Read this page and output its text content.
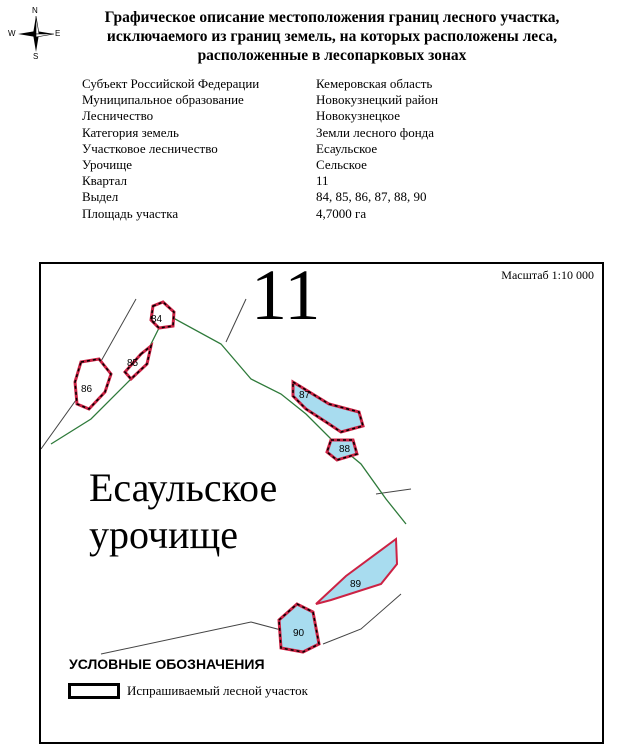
N
S
W	E
Графическое описание местоположения границ лесного участка,
исключаемого из границ земель, на которых расположены леса,
расположенные в лесопарковых зонах
Субъект Российской Федерации	Кемеровская область
Муниципальное образование	Новокузнецкий район
Лесничество	Новокузнецкое
Категория земель	Земли лесного фонда
Участковое лесничество	Есаульское
Урочище	Сельское
Квартал	11
Выдел	84, 85, 86, 87, 88, 90
Площадь участка	4,7000 га
84
85
86
87
88
89
90
11	Масштаб 1:10 000
Есаульское
урочище
УСЛОВНЫЕ ОБОЗНАЧЕНИЯ
Испрашиваемый лесной участок
